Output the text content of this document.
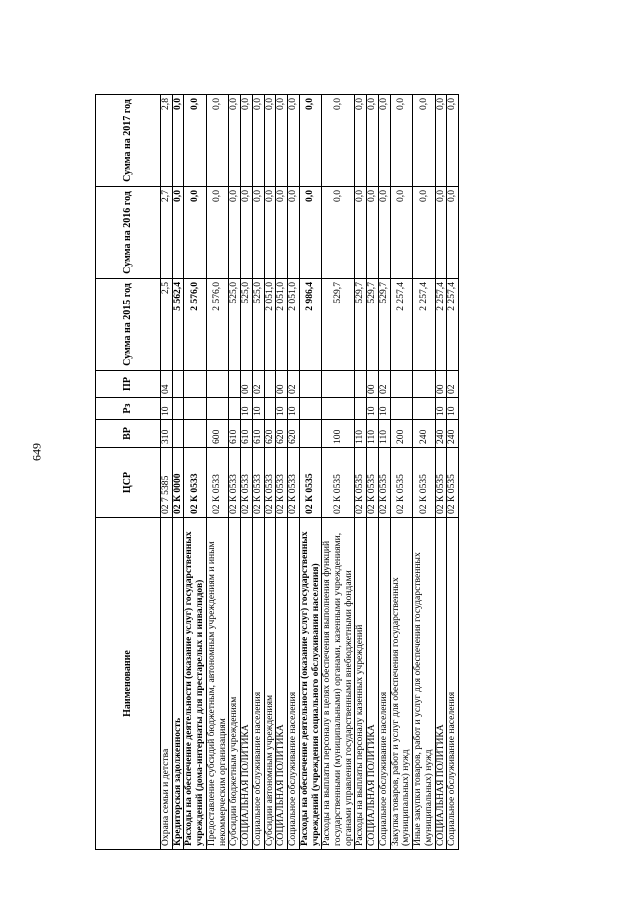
649
Наименование	ЦСР	ВР	Рз	ПР	Сумма на 2015 год	Сумма на 2016 год	Сумма на 2017 год
Охрана семьи и детства	02 7 5385	310	10	04	2,5	2,7	2,8
Кредиторская задолженность	02 К 0000				5 562,4	0,0	0,0
Расходы на обеспечение деятельности (оказание услуг) государственных учреждений (дома-интернаты для престарелых и инвалидов)	02 К 0533				2 576,0	0,0	0,0
Предоставление субсидий бюджетным, автономным учреждениям и иным некоммерческим организациям	02 К 0533	600			2 576,0	0,0	0,0
Субсидии бюджетным учреждениям	02 К 0533	610			525,0	0,0	0,0
СОЦИАЛЬНАЯ ПОЛИТИКА	02 К 0533	610	10	00	525,0	0,0	0,0
Социальное обслуживание населения	02 К 0533	610	10	02	525,0	0,0	0,0
Субсидии автономным учреждениям	02 К 0533	620			2 051,0	0,0	0,0
СОЦИАЛЬНАЯ ПОЛИТИКА	02 К 0533	620	10	00	2 051,0	0,0	0,0
Социальное обслуживание населения	02 К 0533	620	10	02	2 051,0	0,0	0,0
Расходы на обеспечение деятельности (оказание услуг) государственных учреждений (учреждения социального обслуживания населения)	02 К 0535				2 986,4	0,0	0,0
Расходы на выплаты персоналу в целях обеспечения выполнения функций государственными (муниципальными) органами, казенными учреждениями, органами управления государственными внебюджетными фондами	02 К 0535	100			529,7	0,0	0,0
Расходы на выплаты персоналу казенных учреждений	02 К 0535	110			529,7	0,0	0,0
СОЦИАЛЬНАЯ ПОЛИТИКА	02 К 0535	110	10	00	529,7	0,0	0,0
Социальное обслуживание населения	02 К 0535	110	10	02	529,7	0,0	0,0
Закупка товаров, работ и услуг для обеспечения государственных (муниципальных) нужд	02 К 0535	200			2 257,4	0,0	0,0
Иные закупки товаров, работ и услуг для обеспечения государственных (муниципальных) нужд	02 К 0535	240			2 257,4	0,0	0,0
СОЦИАЛЬНАЯ ПОЛИТИКА	02 К 0535	240	10	00	2 257,4	0,0	0,0
Социальное обслуживание населения	02 К 0535	240	10	02	2 257,4	0,0	0,0
